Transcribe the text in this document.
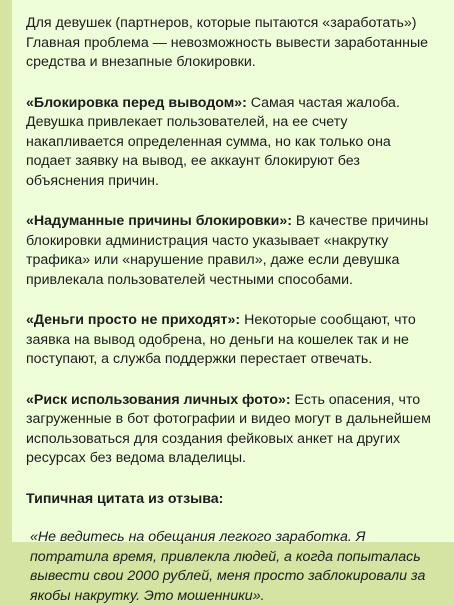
Для девушек (партнеров, которые пытаются «заработать») Главная проблема — невозможность вывести заработанные средства и внезапные блокировки.

«Блокировка перед выводом»: Самая частая жалоба. Девушка привлекает пользователей, на ее счету накапливается определенная сумма, но как только она подает заявку на вывод, ее аккаунт блокируют без объяснения причин.

«Надуманные причины блокировки»: В качестве причины блокировки администрация часто указывает «накрутку трафика» или «нарушение правил», даже если девушка привлекала пользователей честными способами.

«Деньги просто не приходят»: Некоторые сообщают, что заявка на вывод одобрена, но деньги на кошелек так и не поступают, а служба поддержки перестает отвечать.

«Риск использования личных фото»: Есть опасения, что загруженные в бот фотографии и видео могут в дальнейшем использоваться для создания фейковых анкет на других ресурсах без ведома владелицы.

Типичная цитата из отзыва:

«Не ведитесь на обещания легкого заработка. Я потратила время, привлекла людей, а когда попыталась вывести свои 2000 рублей, меня просто заблокировали за якобы накрутку. Это мошенники».
